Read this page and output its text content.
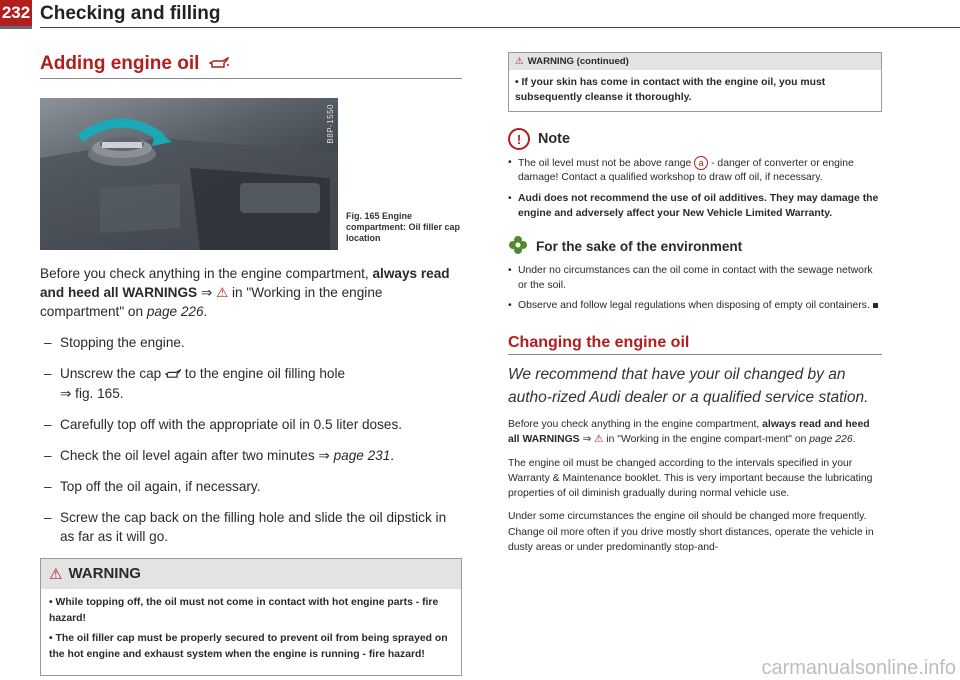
232 Checking and filling
Adding engine oil
B8P-1550
Fig. 165 Engine compartment: Oil filler cap location

Before you check anything in the engine compartment, always read and heed all WARNINGS ⇒ ⚠ in "Working in the engine compartment" on page 226.

– Stopping the engine.
– Unscrew the cap to the engine oil filling hole
⇒ fig. 165.
– Carefully top off with the appropriate oil in 0.5 liter doses.
– Check the oil level again after two minutes ⇒ page 231.
– Top off the oil again, if necessary.
– Screw the cap back on the filling hole and slide the oil dipstick in as far as it will go.
⚠ WARNING

• While topping off, the oil must not come in contact with hot engine parts - fire hazard!

• The oil filler cap must be properly secured to prevent oil from being sprayed on the hot engine and exhaust system when the engine is running - fire hazard!

⚠ WARNING (continued)
• If your skin has come in contact with the engine oil, you must subsequently cleanse it thoroughly.
!	Note
• The oil level must not be above range a - danger of converter or engine damage! Contact a qualified workshop to draw off oil, if necessary.
• Audi does not recommend the use of oil additives. They may damage the engine and adversely affect your New Vehicle Limited Warranty.
For the sake of the environment
• Under no circumstances can the oil come in contact with the sewage network or the soil.
• Observe and follow legal regulations when disposing of empty oil containers.
Changing the engine oil
We recommend that have your oil changed by an autho-rized Audi dealer or a qualified service station.

Before you check anything in the engine compartment, always read and heed all WARNINGS ⇒ ⚠ in "Working in the engine compart-ment" on page 226.

The engine oil must be changed according to the intervals specified in your Warranty & Maintenance booklet. This is very important because the lubricating properties of oil diminish gradually during normal vehicle use.

Under some circumstances the engine oil should be changed more frequently. Change oil more often if you drive mostly short distances, operate the vehicle in dusty areas or under predominantly stop-and-

carmanualsonline.info
